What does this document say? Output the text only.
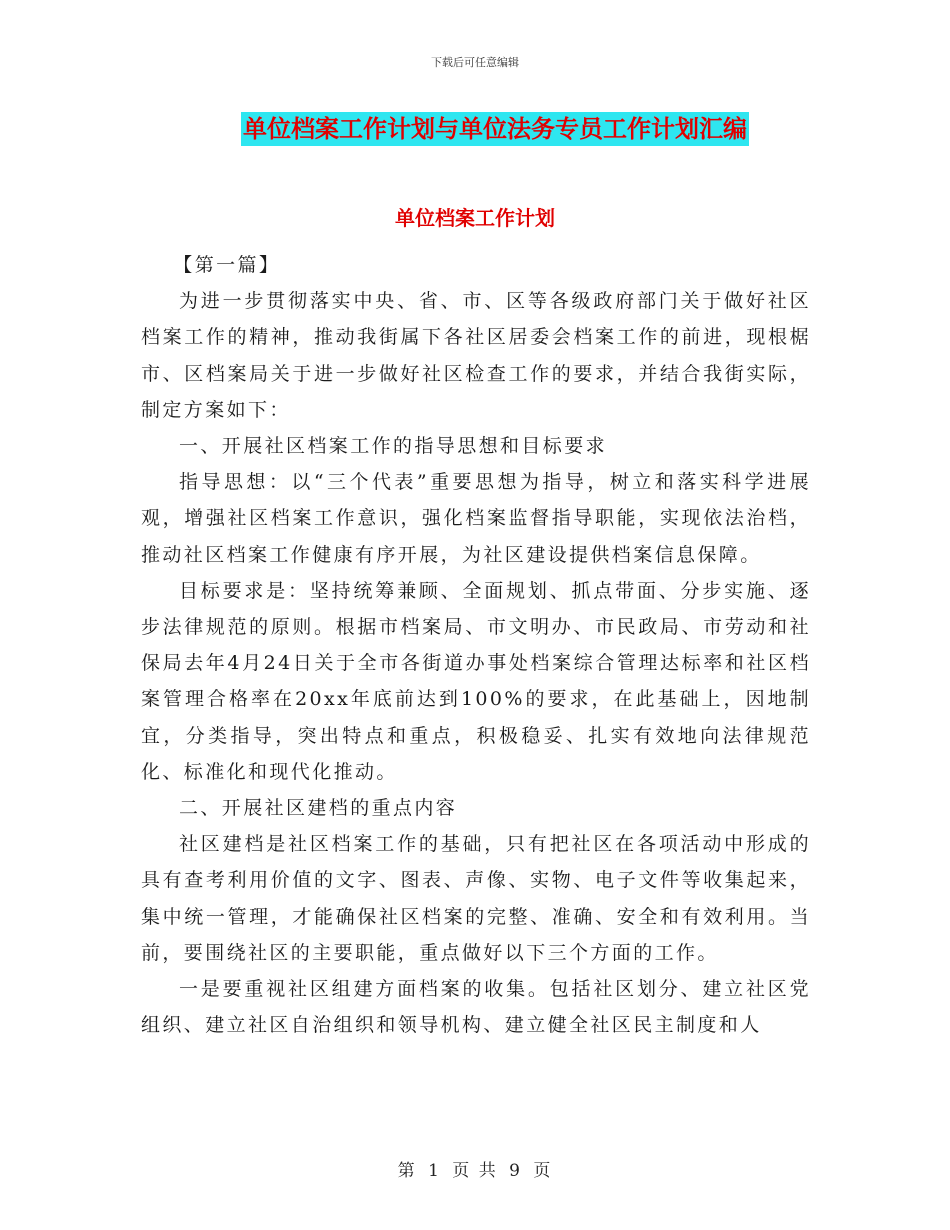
下载后可任意编辑
单位档案工作计划与单位法务专员工作计划汇编
单位档案工作计划

【第一篇】

为进一步贯彻落实中央、省、市、区等各级政府部门关于做好社区档案工作的精神，推动我街属下各社区居委会档案工作的前进，现根椐市、区档案局关于进一步做好社区检查工作的要求，并结合我街实际，制定方案如下：

一、开展社区档案工作的指导思想和目标要求

指导思想：以“三个代表”重要思想为指导，树立和落实科学进展观，增强社区档案工作意识，强化档案监督指导职能，实现依法治档，推动社区档案工作健康有序开展，为社区建设提供档案信息保障。

目标要求是：坚持统筹兼顾、全面规划、抓点带面、分步实施、逐步法律规范的原则。根据市档案局、市文明办、市民政局、市劳动和社保局去年4月24日关于全市各街道办事处档案综合管理达标率和社区档案管理合格率在20xx年底前达到100%的要求，在此基础上，因地制宜，分类指导，突出特点和重点，积极稳妥、扎实有效地向法律规范化、标准化和现代化推动。

二、开展社区建档的重点内容

社区建档是社区档案工作的基础，只有把社区在各项活动中形成的具有查考利用价值的文字、图表、声像、实物、电子文件等收集起来，集中统一管理，才能确保社区档案的完整、准确、安全和有效利用。当前，要围绕社区的主要职能，重点做好以下三个方面的工作。

一是要重视社区组建方面档案的收集。包括社区划分、建立社区党组织、建立社区自治组织和领导机构、建立健全社区民主制度和人

第 1 页 共 9 页
